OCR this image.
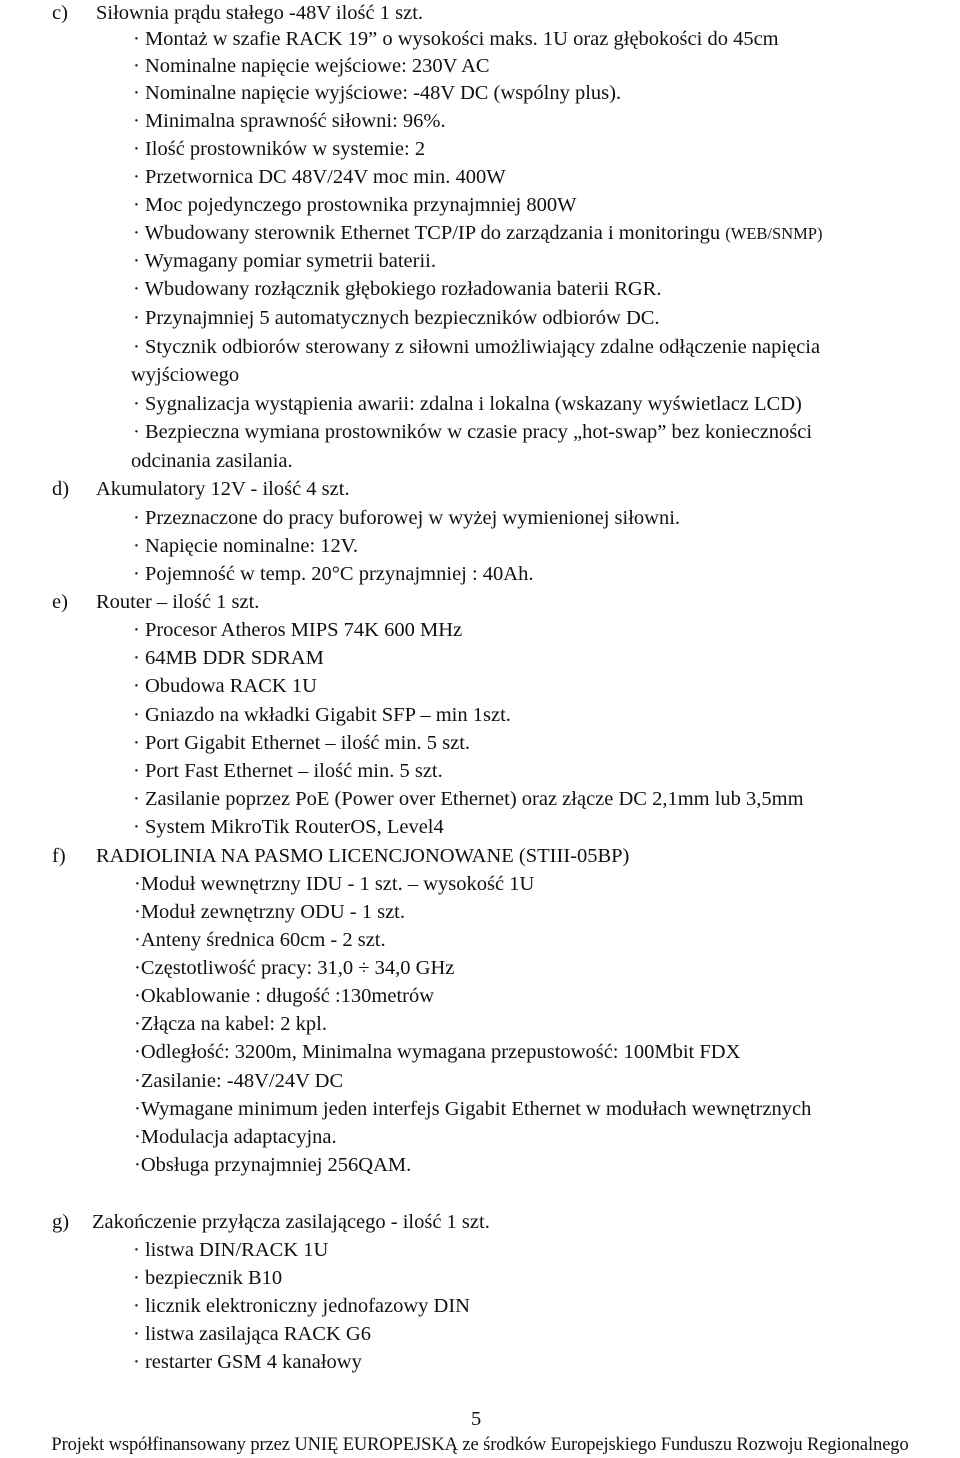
c) Siłownia prądu stałego -48V ilość 1 szt.
· Montaż w szafie RACK 19” o wysokości maks. 1U oraz głębokości do 45cm
· Nominalne napięcie wejściowe: 230V AC
· Nominalne napięcie wyjściowe: -48V DC (wspólny plus).
· Minimalna sprawność siłowni: 96%.
· Ilość prostowników w systemie: 2
· Przetwornica DC 48V/24V moc min. 400W
· Moc pojedynczego prostownika przynajmniej 800W
· Wbudowany sterownik Ethernet TCP/IP do zarządzania i monitoringu (WEB/SNMP)
· Wymagany pomiar symetrii baterii.
· Wbudowany rozłącznik głębokiego rozładowania baterii RGR.
· Przynajmniej 5 automatycznych bezpieczników odbiorów DC.
· Stycznik odbiorów sterowany z siłowni umożliwiający zdalne odłączenie napięcia
wyjściowego
· Sygnalizacja wystąpienia awarii: zdalna i lokalna (wskazany wyświetlacz LCD)
· Bezpieczna wymiana prostowników w czasie pracy „hot-swap” bez konieczności
odcinania zasilania.
d) Akumulatory 12V - ilość 4 szt.
· Przeznaczone do pracy buforowej w wyżej wymienionej siłowni.
· Napięcie nominalne: 12V.
· Pojemność w temp. 20°C przynajmniej : 40Ah.
e) Router – ilość 1 szt.
· Procesor Atheros MIPS 74K 600 MHz
· 64MB DDR SDRAM
· Obudowa RACK 1U
· Gniazdo na wkładki Gigabit SFP – min 1szt.
· Port Gigabit Ethernet – ilość min. 5 szt.
· Port Fast Ethernet – ilość min. 5 szt.
· Zasilanie poprzez PoE (Power over Ethernet) oraz złącze DC 2,1mm lub 3,5mm
· System MikroTik RouterOS, Level4
f) RADIOLINIA NA PASMO LICENCJONOWANE (STIII-05BP)
·Moduł wewnętrzny IDU - 1 szt. – wysokość 1U
·Moduł zewnętrzny ODU - 1 szt.
·Anteny średnica 60cm - 2 szt.
·Częstotliwość pracy: 31,0 ÷ 34,0 GHz
·Okablowanie : długość :130metrów
·Złącza na kabel: 2 kpl.
·Odległość: 3200m, Minimalna wymagana przepustowość: 100Mbit FDX
·Zasilanie: -48V/24V DC
·Wymagane minimum jeden interfejs Gigabit Ethernet w modułach wewnętrznych
·Modulacja adaptacyjna.
·Obsługa przynajmniej 256QAM.
g) Zakończenie przyłącza zasilającego - ilość 1 szt.
· listwa DIN/RACK 1U
· bezpiecznik B10
· licznik elektroniczny jednofazowy DIN
· listwa zasilająca RACK G6
· restarter GSM 4 kanałowy
5
Projekt współfinansowany przez UNIĘ EUROPEJSKĄ ze środków Europejskiego Funduszu Rozwoju Regionalnego
